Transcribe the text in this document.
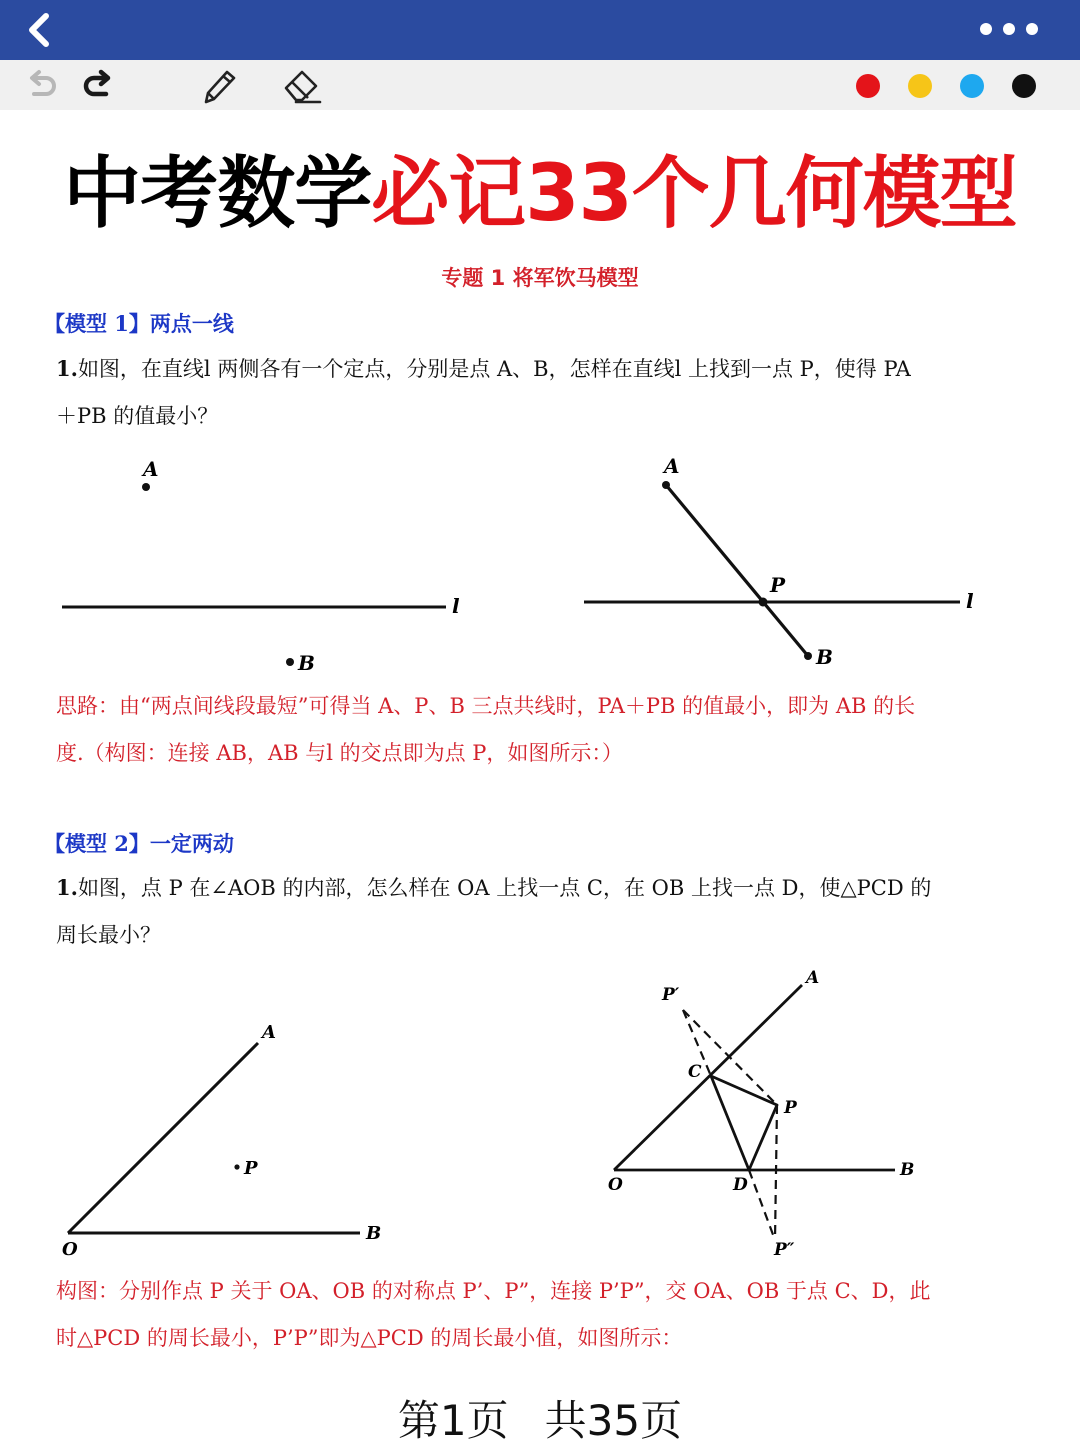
中考数学必记33个几何模型
专题 1 将军饮马模型
【模型 1】两点一线
1.如图，在直线l 两侧各有一个定点，分别是点 A、B，怎样在直线l 上找到一点 P，使得 PA
＋PB 的值最小？
A
l
B
l
A
P
B
思路：由“两点间线段最短”可得当 A、P、B 三点共线时，PA＋PB 的值最小，即为 AB 的长
度.（构图：连接 AB，AB 与l 的交点即为点 P，如图所示：）
【模型 2】一定两动
1.如图，点 P 在∠AOB 的内部，怎么样在 OA 上找一点 C，在 OB 上找一点 D，使△PCD 的
周长最小？
O
A
B
P
A
B
O
P
P′
P″
C
D
构图：分别作点 P 关于 OA、OB 的对称点 P’、P”，连接 P’P”，交 OA、OB 于点 C、D，此
时△PCD 的周长最小，P’P”即为△PCD 的周长最小值，如图所示：
第1页 共35页
